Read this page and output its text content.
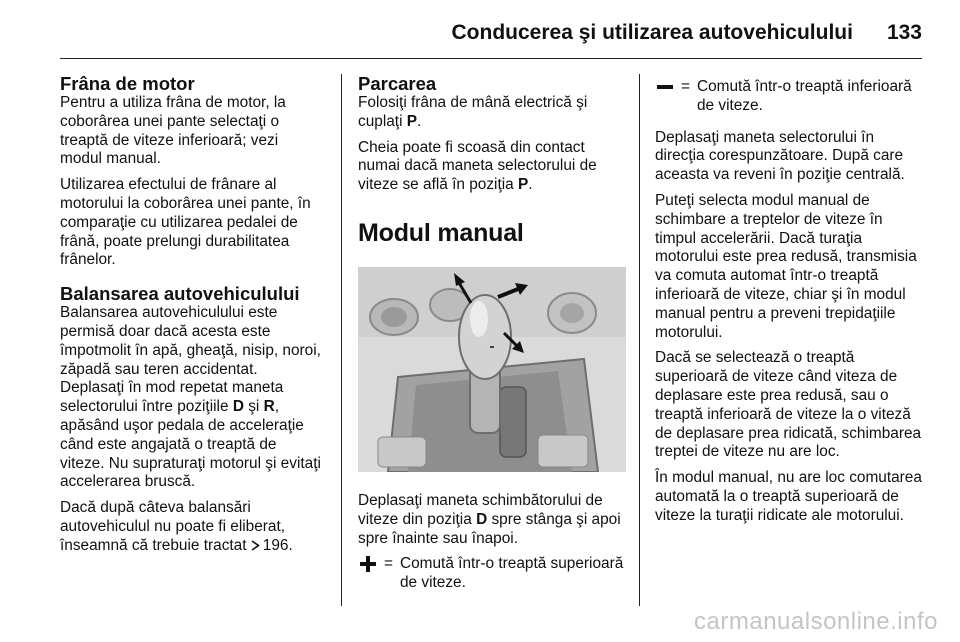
Conducerea şi utilizarea autovehiculului 133
Frâna de motor

Pentru a utiliza frâna de motor, la coborârea unei pante selectaţi o treaptă de viteze inferioară; vezi modul manual.

Utilizarea efectului de frânare al motorului la coborârea unei pante, în comparaţie cu utilizarea pedalei de frână, poate prelungi durabilitatea frânelor.

Balansarea autovehiculului

Balansarea autovehiculului este permisă doar dacă acesta este împotmolit în apă, gheaţă, nisip, noroi, zăpadă sau teren accidentat. Deplasaţi în mod repetat maneta selectorului între poziţiile D şi R, apăsând uşor pedala de acceleraţie când este angajată o treaptă de viteze. Nu supraturaţi motorul şi evitaţi accelerarea bruscă.

Dacă după câteva balansări autovehiculul nu poate fi eliberat, înseamnă că trebuie tractat 196.

Parcarea

Folosiţi frâna de mână electrică şi cuplaţi P.

Cheia poate fi scoasă din contact numai dacă maneta selectorului de viteze se află în poziţia P.

Modul manual

Deplasaţi maneta schimbătorului de viteze din poziţia D spre stânga şi apoi spre înainte sau înapoi.

= Comută într-o treaptă superioară de viteze.
= Comută într-o treaptă inferioară de viteze.

Deplasaţi maneta selectorului în direcţia corespunzătoare. După care aceasta va reveni în poziţie centrală.

Puteţi selecta modul manual de schimbare a treptelor de viteze în timpul accelerării. Dacă turaţia motorului este prea redusă, transmisia va comuta automat într-o treaptă inferioară de viteze, chiar şi în modul manual pentru a preveni trepidaţiile motorului.

Dacă se selectează o treaptă superioară de viteze când viteza de deplasare este prea redusă, sau o treaptă inferioară de viteze la o viteză de deplasare prea ridicată, schimbarea treptei de viteze nu are loc.

În modul manual, nu are loc comutarea automată la o treaptă superioară de viteze la turaţii ridicate ale motorului.

carmanualsonline.info
